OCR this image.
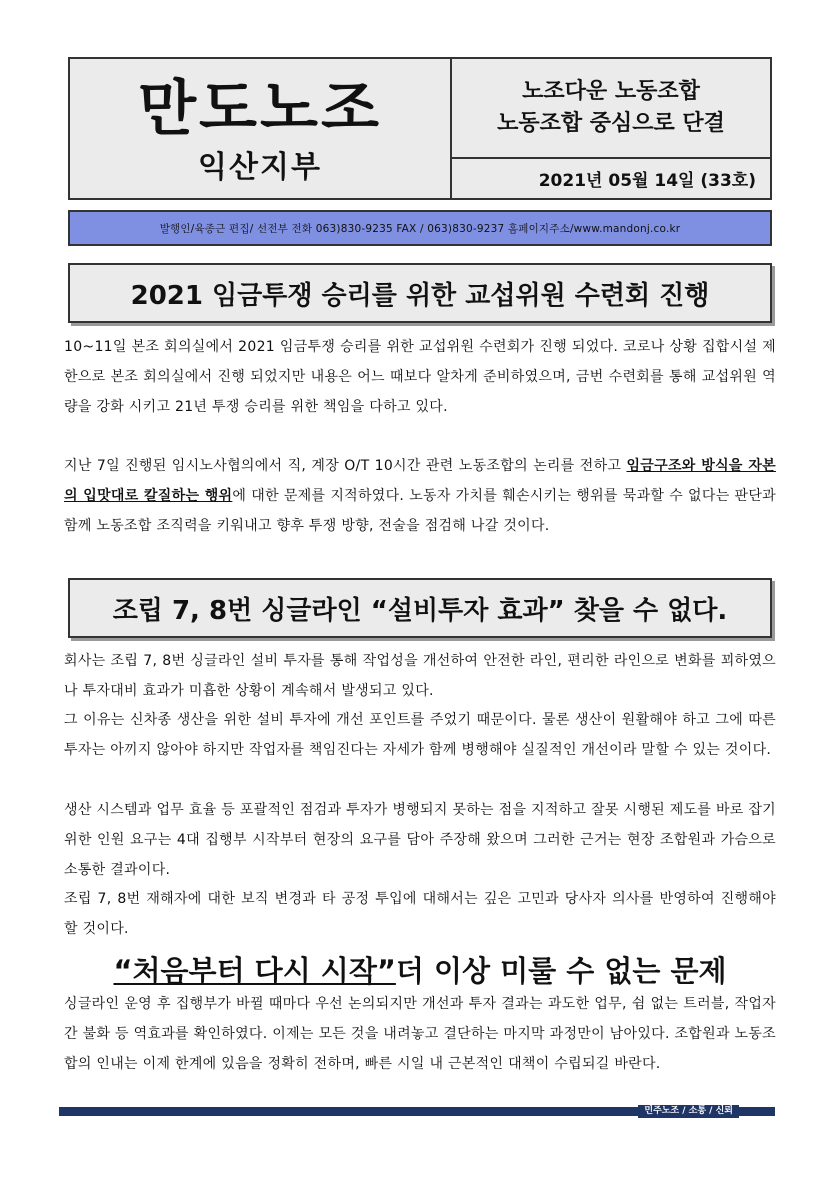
만도노조
익산지부
노조다운 노동조합
노동조합 중심으로 단결
2021년 05월 14일 (33호)
발행인/육종근 편집/ 선전부 전화 063)830-9235 FAX / 063)830-9237 홈페이지주소/www.mandonj.co.kr
2021 임금투쟁 승리를 위한 교섭위원 수련회 진행
10~11일 본조 회의실에서 2021 임금투쟁 승리를 위한 교섭위원 수련회가 진행 되었다. 코로나 상황 집합시설 제한으로 본조 회의실에서 진행 되었지만 내용은 어느 때보다 알차게 준비하였으며, 금번 수련회를 통해 교섭위원 역량을 강화 시키고 21년 투쟁 승리를 위한 책임을 다하고 있다.
지난 7일 진행된 임시노사협의에서 직, 계장 O/T 10시간 관련 노동조합의 논리를 전하고 임금구조와 방식을 자본의 입맛대로 칼질하는 행위에 대한 문제를 지적하였다. 노동자 가치를 훼손시키는 행위를 묵과할 수 없다는 판단과 함께 노동조합 조직력을 키워내고 향후 투쟁 방향, 전술을 점검해 나갈 것이다.
조립 7, 8번 싱글라인 “설비투자 효과” 찾을 수 없다.
회사는 조립 7, 8번 싱글라인 설비 투자를 통해 작업성을 개선하여 안전한 라인, 편리한 라인으로 변화를 꾀하였으나 투자대비 효과가 미흡한 상황이 계속해서 발생되고 있다.
그 이유는 신차종 생산을 위한 설비 투자에 개선 포인트를 주었기 때문이다. 물론 생산이 원활해야 하고 그에 따른 투자는 아끼지 않아야 하지만 작업자를 책임진다는 자세가 함께 병행해야 실질적인 개선이라 말할 수 있는 것이다.
생산 시스템과 업무 효율 등 포괄적인 점검과 투자가 병행되지 못하는 점을 지적하고 잘못 시행된 제도를 바로 잡기 위한 인원 요구는 4대 집행부 시작부터 현장의 요구를 담아 주장해 왔으며 그러한 근거는 현장 조합원과 가슴으로 소통한 결과이다.
조립 7, 8번 재해자에 대한 보직 변경과 타 공정 투입에 대해서는 깊은 고민과 당사자 의사를 반영하여 진행해야 할 것이다.
“처음부터 다시 시작” 더 이상 미룰 수 없는 문제
싱글라인 운영 후 집행부가 바뀔 때마다 우선 논의되지만 개선과 투자 결과는 과도한 업무, 쉼 없는 트러블, 작업자 간 불화 등 역효과를 확인하였다. 이제는 모든 것을 내려놓고 결단하는 마지막 과정만이 남아있다. 조합원과 노동조합의 인내는 이제 한계에 있음을 정확히 전하며, 빠른 시일 내 근본적인 대책이 수립되길 바란다.
민주노조 / 소통 / 신뢰
